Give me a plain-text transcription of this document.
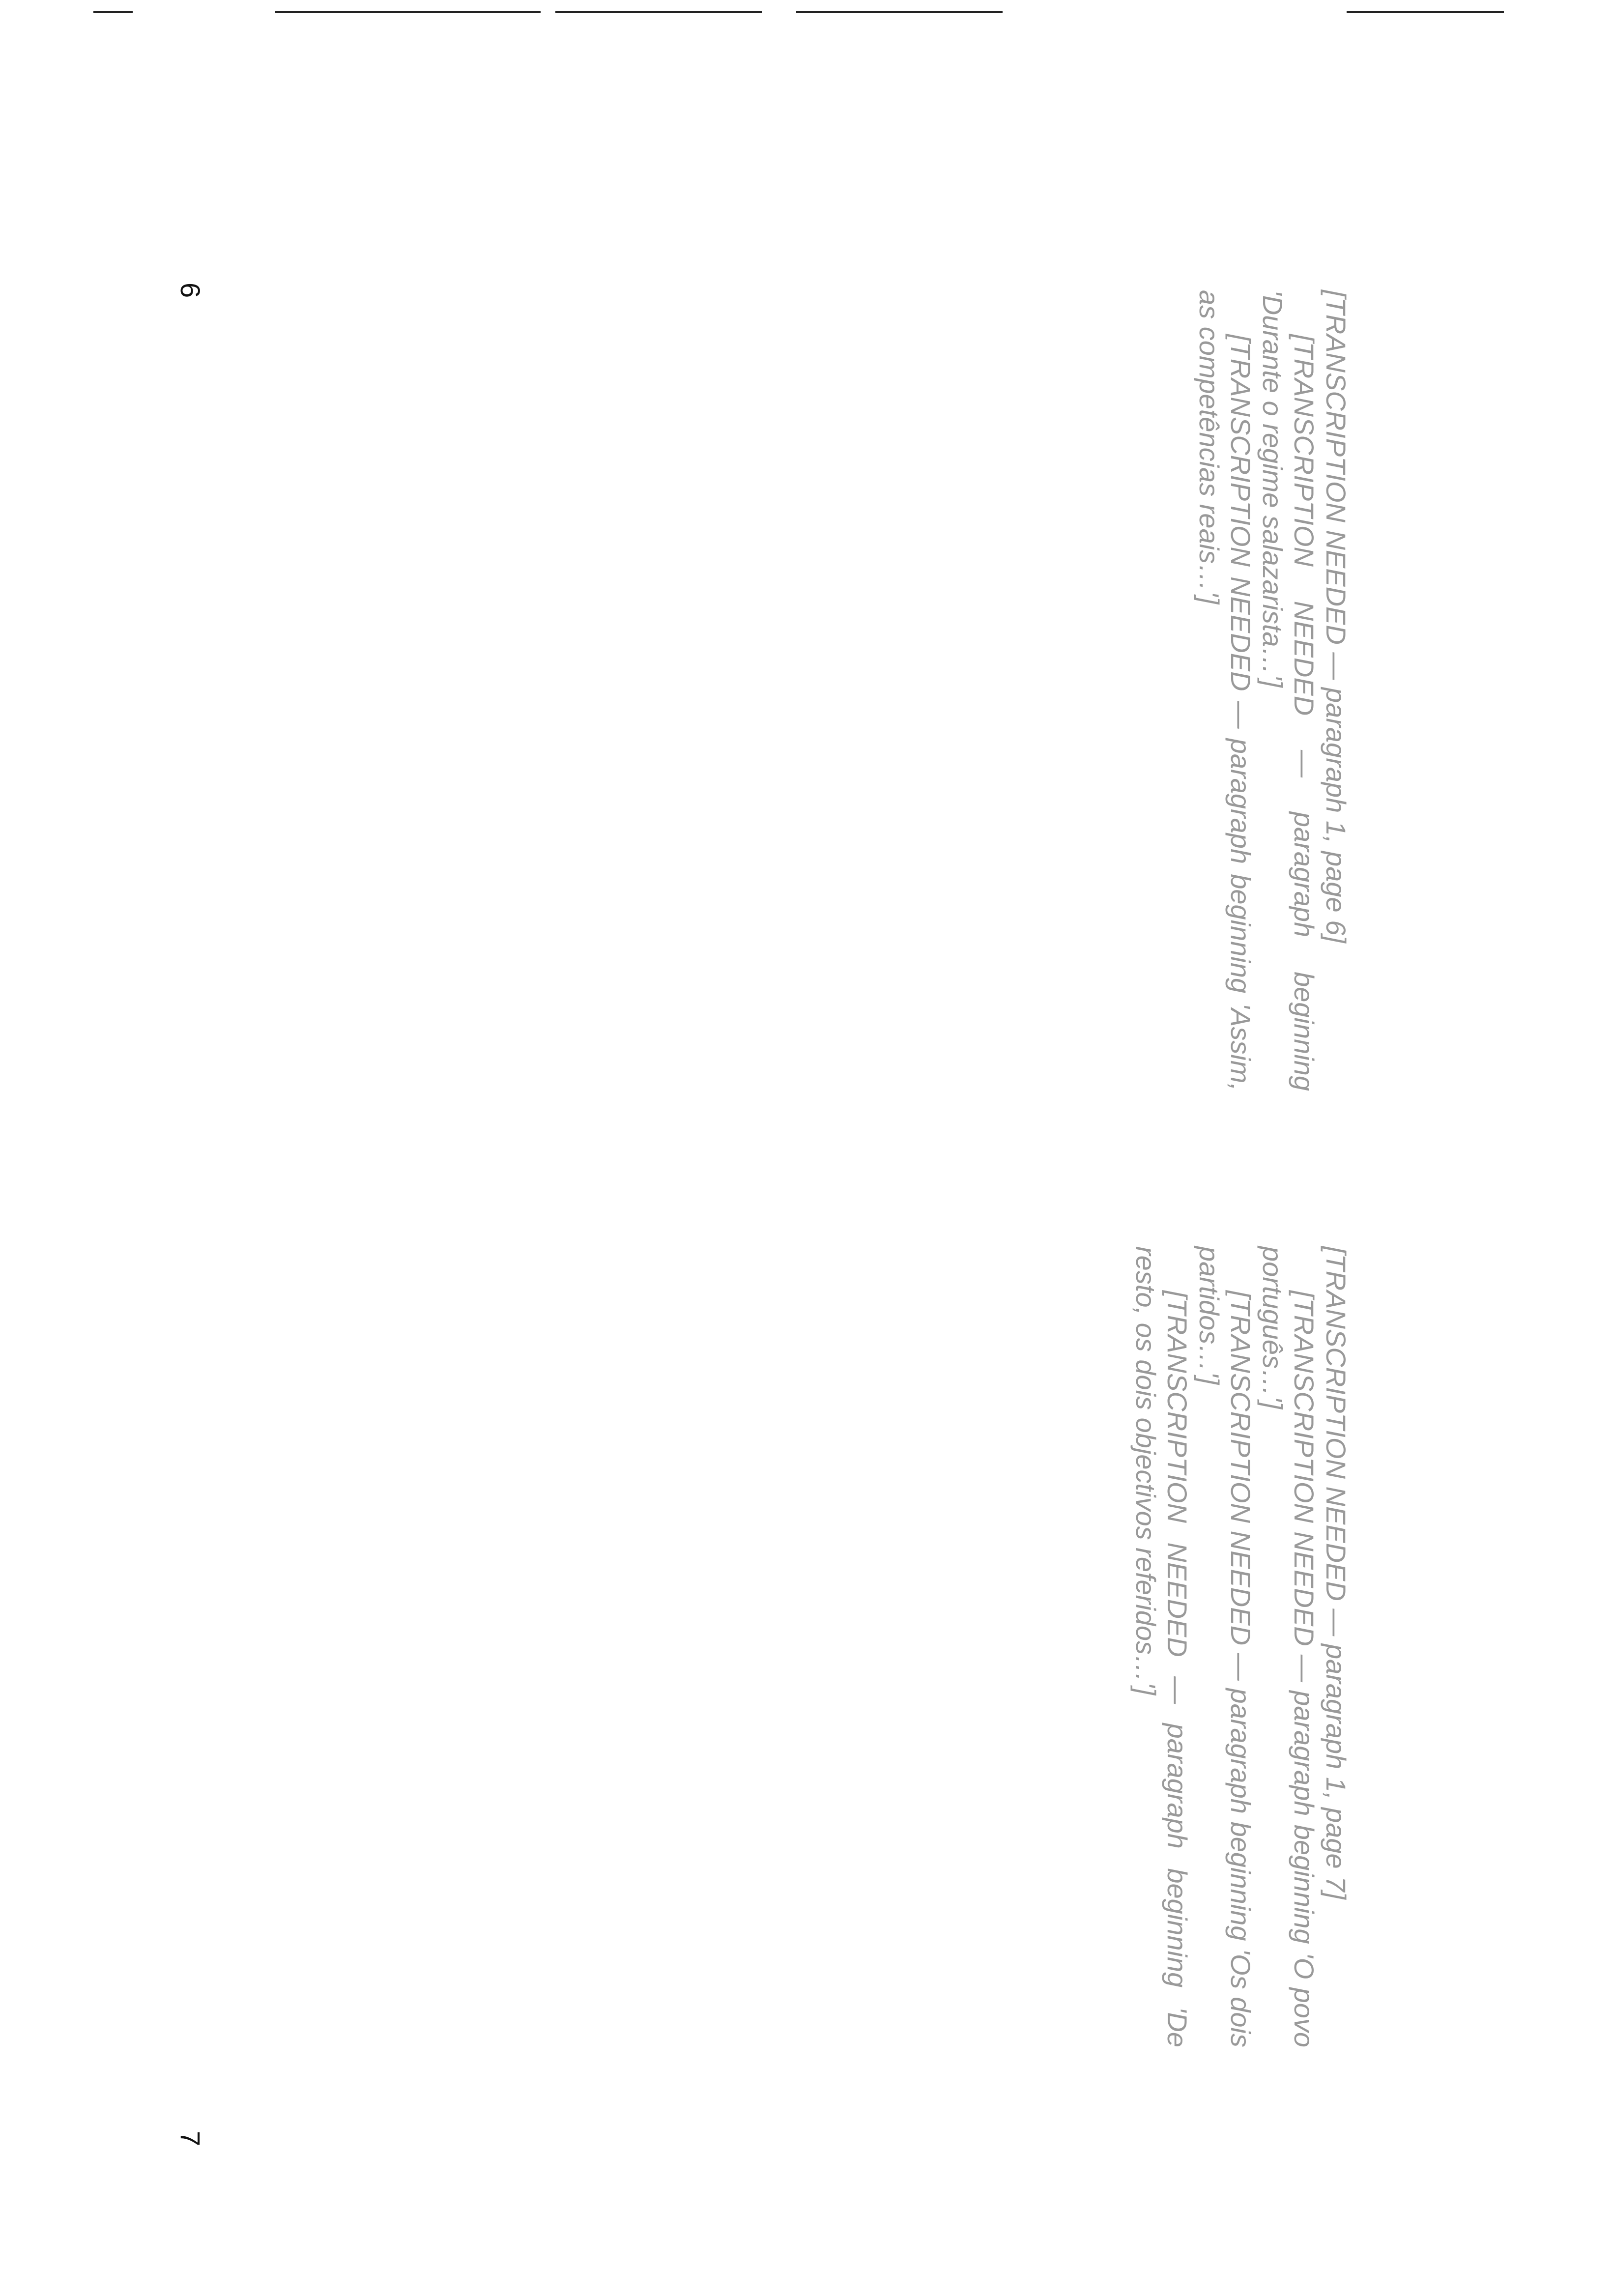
[TRANSCRIPTION NEEDED — paragraph 1, page 6]

[TRANSCRIPTION NEEDED — paragraph beginning 'Durante o regime salazarista…']

[TRANSCRIPTION NEEDED — paragraph beginning 'Assim, as competências reais…']

6

[TRANSCRIPTION NEEDED — paragraph 1, page 7]

[TRANSCRIPTION NEEDED — paragraph beginning 'O povo português…']

[TRANSCRIPTION NEEDED — paragraph beginning 'Os dois partidos…']

[TRANSCRIPTION NEEDED — paragraph beginning 'De resto, os dois objectivos referidos…']

7
